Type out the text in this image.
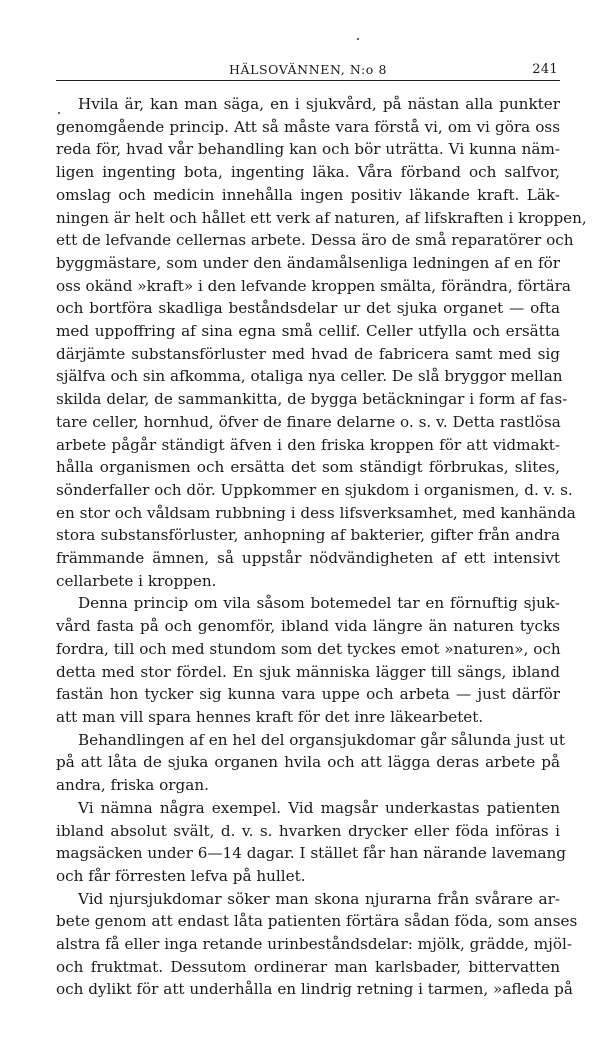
HÄLSOVÄNNEN, N:o 8	241

Hvila är, kan man säga, en i sjukvård, på nästan alla punkter
genomgående princip. Att så måste vara förstå vi, om vi göra oss
reda för, hvad vår behandling kan och bör uträtta. Vi kunna näm-
ligen ingenting bota, ingenting läka. Våra förband och salfvor,
omslag och medicin innehålla ingen positiv läkande kraft. Läk-
ningen är helt och hållet ett verk af naturen, af lifskraften i kroppen,
ett de lefvande cellernas arbete. Dessa äro de små reparatörer och
byggmästare, som under den ändamålsenliga ledningen af en för
oss okänd »kraft» i den lefvande kroppen smälta, förändra, förtära
och bortföra skadliga beståndsdelar ur det sjuka organet — ofta
med uppoffring af sina egna små cellif. Celler utfylla och ersätta
därjämte substansförluster med hvad de fabricera samt med sig
själfva och sin afkomma, otaliga nya celler. De slå bryggor mellan
skilda delar, de sammankitta, de bygga betäckningar i form af fas-
tare celler, hornhud, öfver de finare delarne o. s. v. Detta rastlösa
arbete pågår ständigt äfven i den friska kroppen för att vidmakt-
hålla organismen och ersätta det som ständigt förbrukas, slites,
sönderfaller och dör. Uppkommer en sjukdom i organismen, d. v. s.
en stor och våldsam rubbning i dess lifsverksamhet, med kanhända
stora substansförluster, anhopning af bakterier, gifter från andra
främmande ämnen, så uppstår nödvändigheten af ett intensivt
cellarbete i kroppen.

Denna princip om vila såsom botemedel tar en förnuftig sjuk-
vård fasta på och genomför, ibland vida längre än naturen tycks
fordra, till och med stundom som det tyckes emot »naturen», och
detta med stor fördel. En sjuk människa lägger till sängs, ibland
fastän hon tycker sig kunna vara uppe och arbeta — just därför
att man vill spara hennes kraft för det inre läkearbetet.

Behandlingen af en hel del organsjukdomar går sålunda just ut
på att låta de sjuka organen hvila och att lägga deras arbete på
andra, friska organ.

Vi nämna några exempel. Vid magsår underkastas patienten
ibland absolut svält, d. v. s. hvarken drycker eller föda införas i
magsäcken under 6—14 dagar. I stället får han närande lavemang
och får förresten lefva på hullet.

Vid njursjukdomar söker man skona njurarna från svårare ar-
bete genom att endast låta patienten förtära sådan föda, som anses
alstra få eller inga retande urinbeståndsdelar: mjölk, grädde, mjöl-
och fruktmat. Dessutom ordinerar man karlsbader, bittervatten
och dylikt för att underhålla en lindrig retning i tarmen, »afleda på
